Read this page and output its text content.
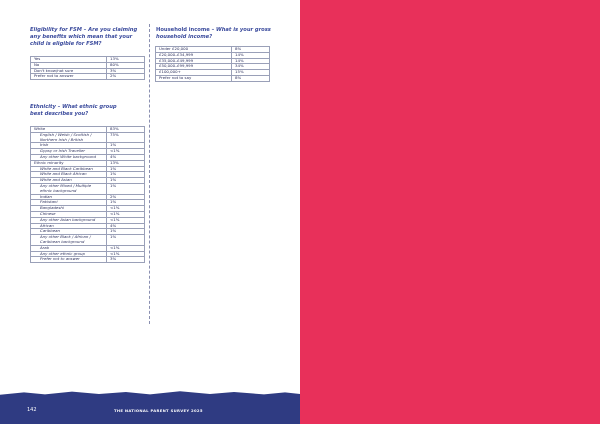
Eligibility for FSM – Are you claiming any benefits which mean that your child is eligible for FSM?
Yes	13%
No	80%
Don't know/not sure	3%
Prefer not to answer	2%
Ethnicity – What ethnic group best describes you?
White	83%
English / Welsh / Scottish / Northern Irish / British	75%
Irish	1%
Gypsy or Irish Traveller	<1%
Any other White background	4%
Ethnic minority	13%
White and Black Caribbean	1%
White and Black African	1%
White and Asian	1%
Any other Mixed / Multiple ethnic background	1%
Indian	2%
Pakistani	1%
Bangladeshi	<1%
Chinese	<1%
Any other Asian background	<1%
African	4%
Caribbean	1%
Any other Black / African / Caribbean background	1%
Arab	<1%
Any other ethnic group	<1%
Prefer not to answer	3%
Household income – What is your gross household income?
Under £20,000	8%
£20,000–£34,999	14%
£35,000–£49,999	14%
£50,000–£99,999	34%
£100,000+	15%
Prefer not to say	8%
142	THE NATIONAL PARENT SURVEY 2025
